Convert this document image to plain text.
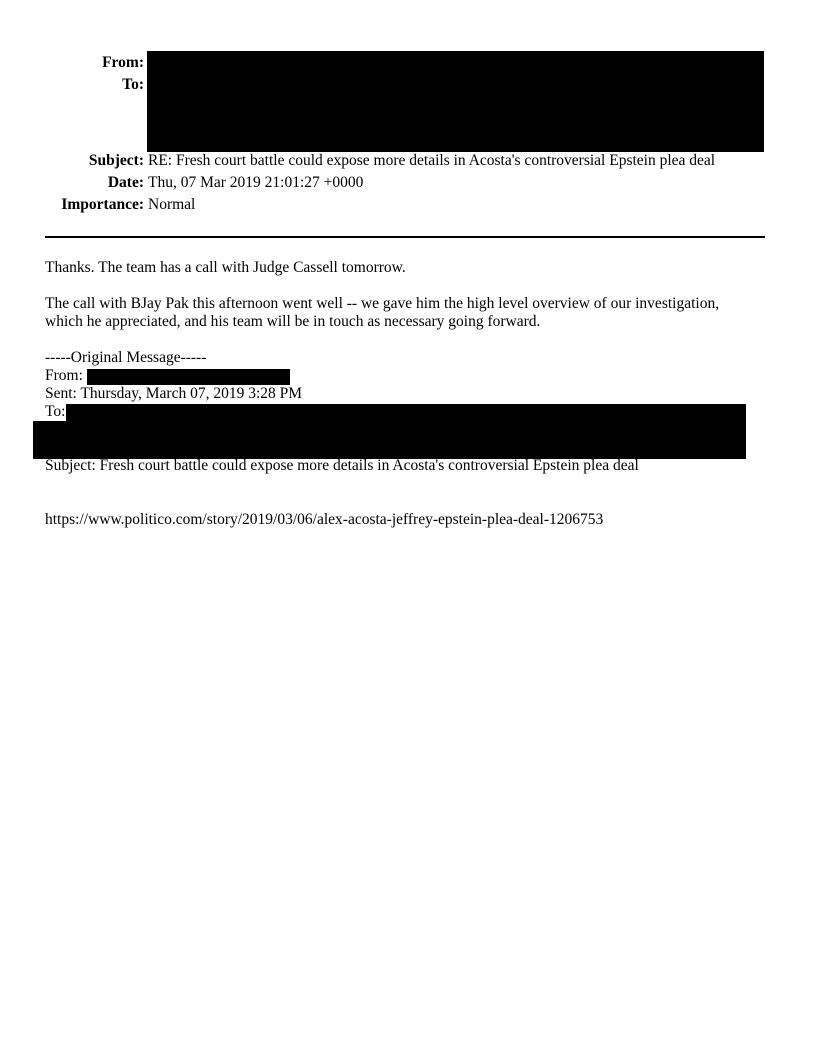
From:
To:
Subject: RE: Fresh court battle could expose more details in Acosta's controversial Epstein plea deal
Date: Thu, 07 Mar 2019 21:01:27 +0000
Importance: Normal
Thanks. The team has a call with Judge Cassell tomorrow.
The call with BJay Pak this afternoon went well -- we gave him the high level overview of our investigation,
which he appreciated, and his team will be in touch as necessary going forward.
-----Original Message-----
From:
Sent: Thursday, March 07, 2019 3:28 PM
To:
Subject: Fresh court battle could expose more details in Acosta's controversial Epstein plea deal
https://www.politico.com/story/2019/03/06/alex-acosta-jeffrey-epstein-plea-deal-1206753
